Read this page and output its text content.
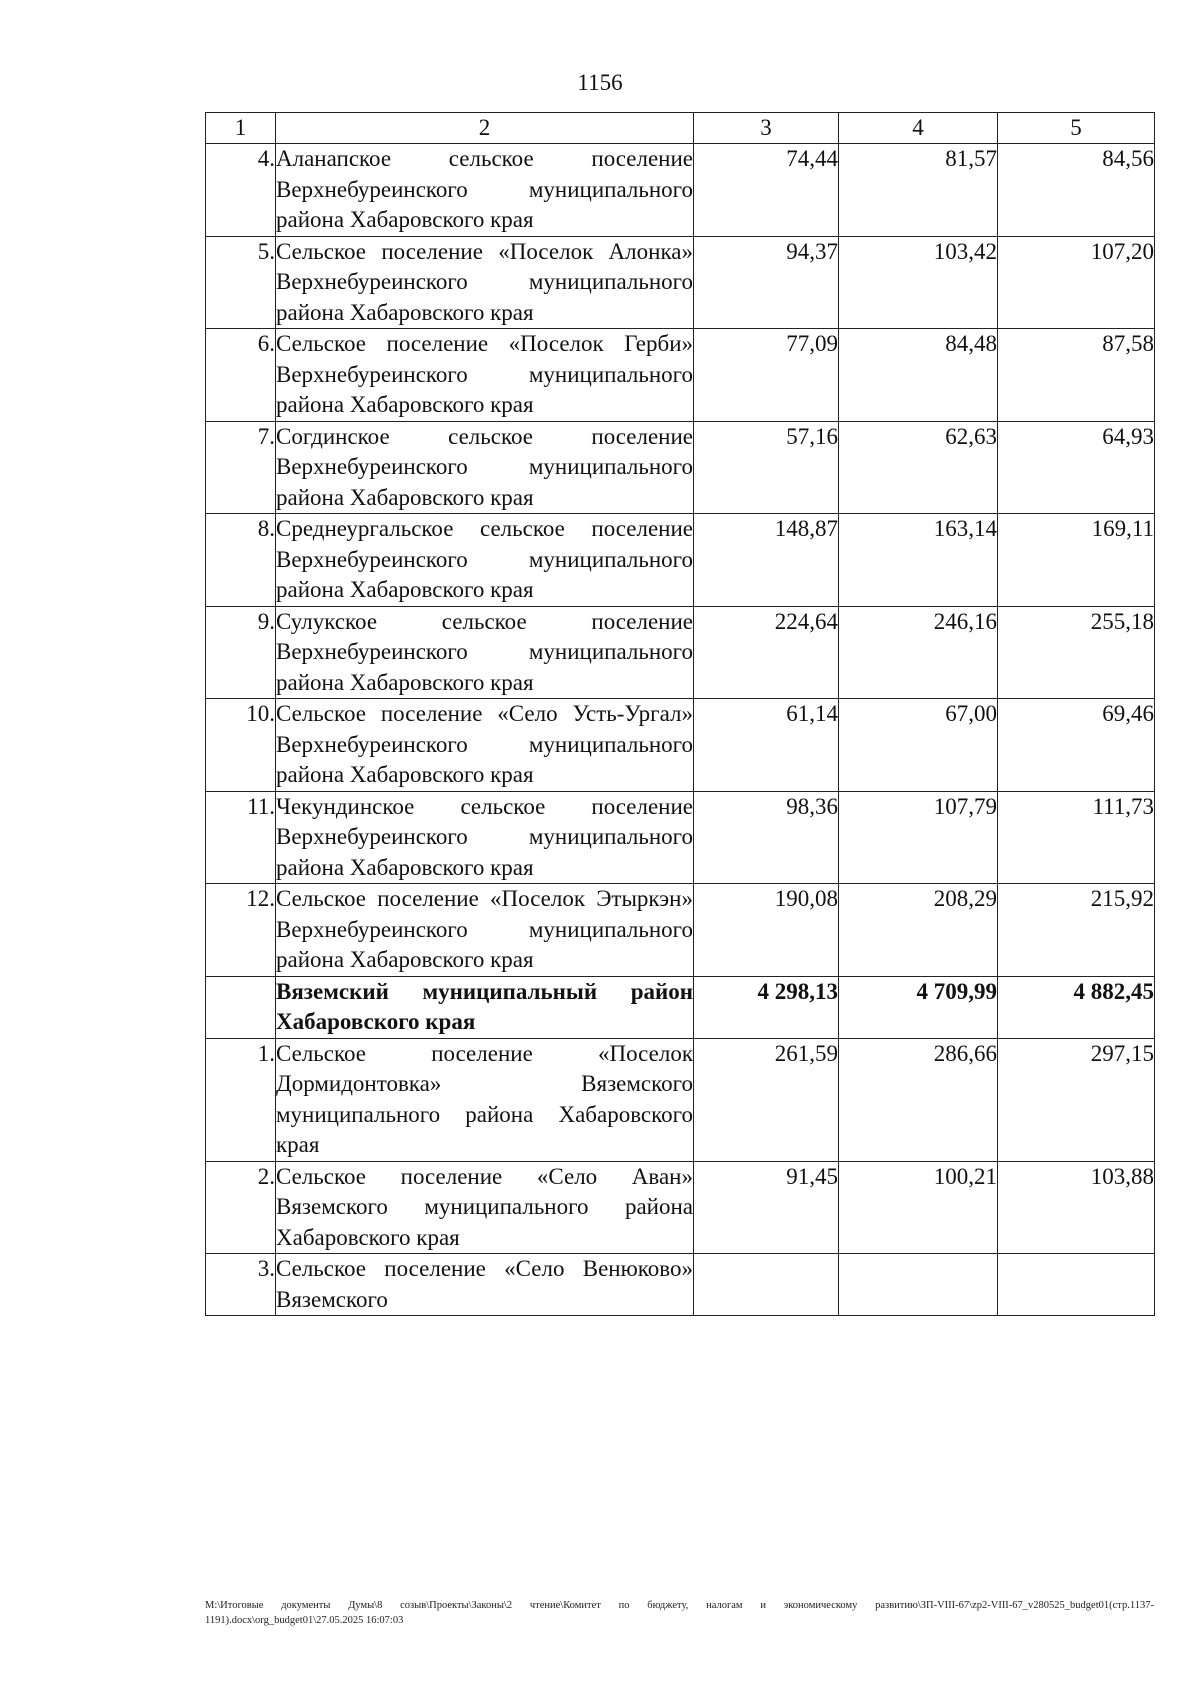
1156
1	2	3	4	5
4.	Аланапское сельское поселение Верхнебуреинского муниципального района Хабаровского края	74,44	81,57	84,56
5.	Сельское поселение «Поселок Алонка» Верхнебуреинского муниципального района Хабаровского края	94,37	103,42	107,20
6.	Сельское поселение «Поселок Герби» Верхнебуреинского муниципального района Хабаровского края	77,09	84,48	87,58
7.	Согдинское сельское поселение Верхнебуреинского муниципального района Хабаровского края	57,16	62,63	64,93
8.	Среднеургальское сельское поселение Верхнебуреинского муниципального района Хабаровского края	148,87	163,14	169,11
9.	Сулукское сельское поселение Верхнебуреинского муниципального района Хабаровского края	224,64	246,16	255,18
10.	Сельское поселение «Село Усть-Ургал» Верхнебуреинского муниципального района Хабаровского края	61,14	67,00	69,46
11.	Чекундинское сельское поселение Верхнебуреинского муниципального района Хабаровского края	98,36	107,79	111,73
12.	Сельское поселение «Поселок Этыркэн» Верхнебуреинского муниципального района Хабаровского края	190,08	208,29	215,92
	Вяземский муниципальный район Хабаровского края	4 298,13	4 709,99	4 882,45
1.	Сельское поселение «Поселок Дормидонтовка» Вяземского муниципального района Хабаровского края	261,59	286,66	297,15
2.	Сельское поселение «Село Аван» Вяземского муниципального района Хабаровского края	91,45	100,21	103,88
3.	Сельское поселение «Село Венюково» Вяземского			
M:\Итоговые документы Думы\8 созыв\Проекты\Законы\2 чтение\Комитет по бюджету, налогам и экономическому развитию\ЗП-VIII-67\zp2-VIII-67_v280525_budget01(стр.1137-1191).docx\org_budget01\27.05.2025 16:07:03
